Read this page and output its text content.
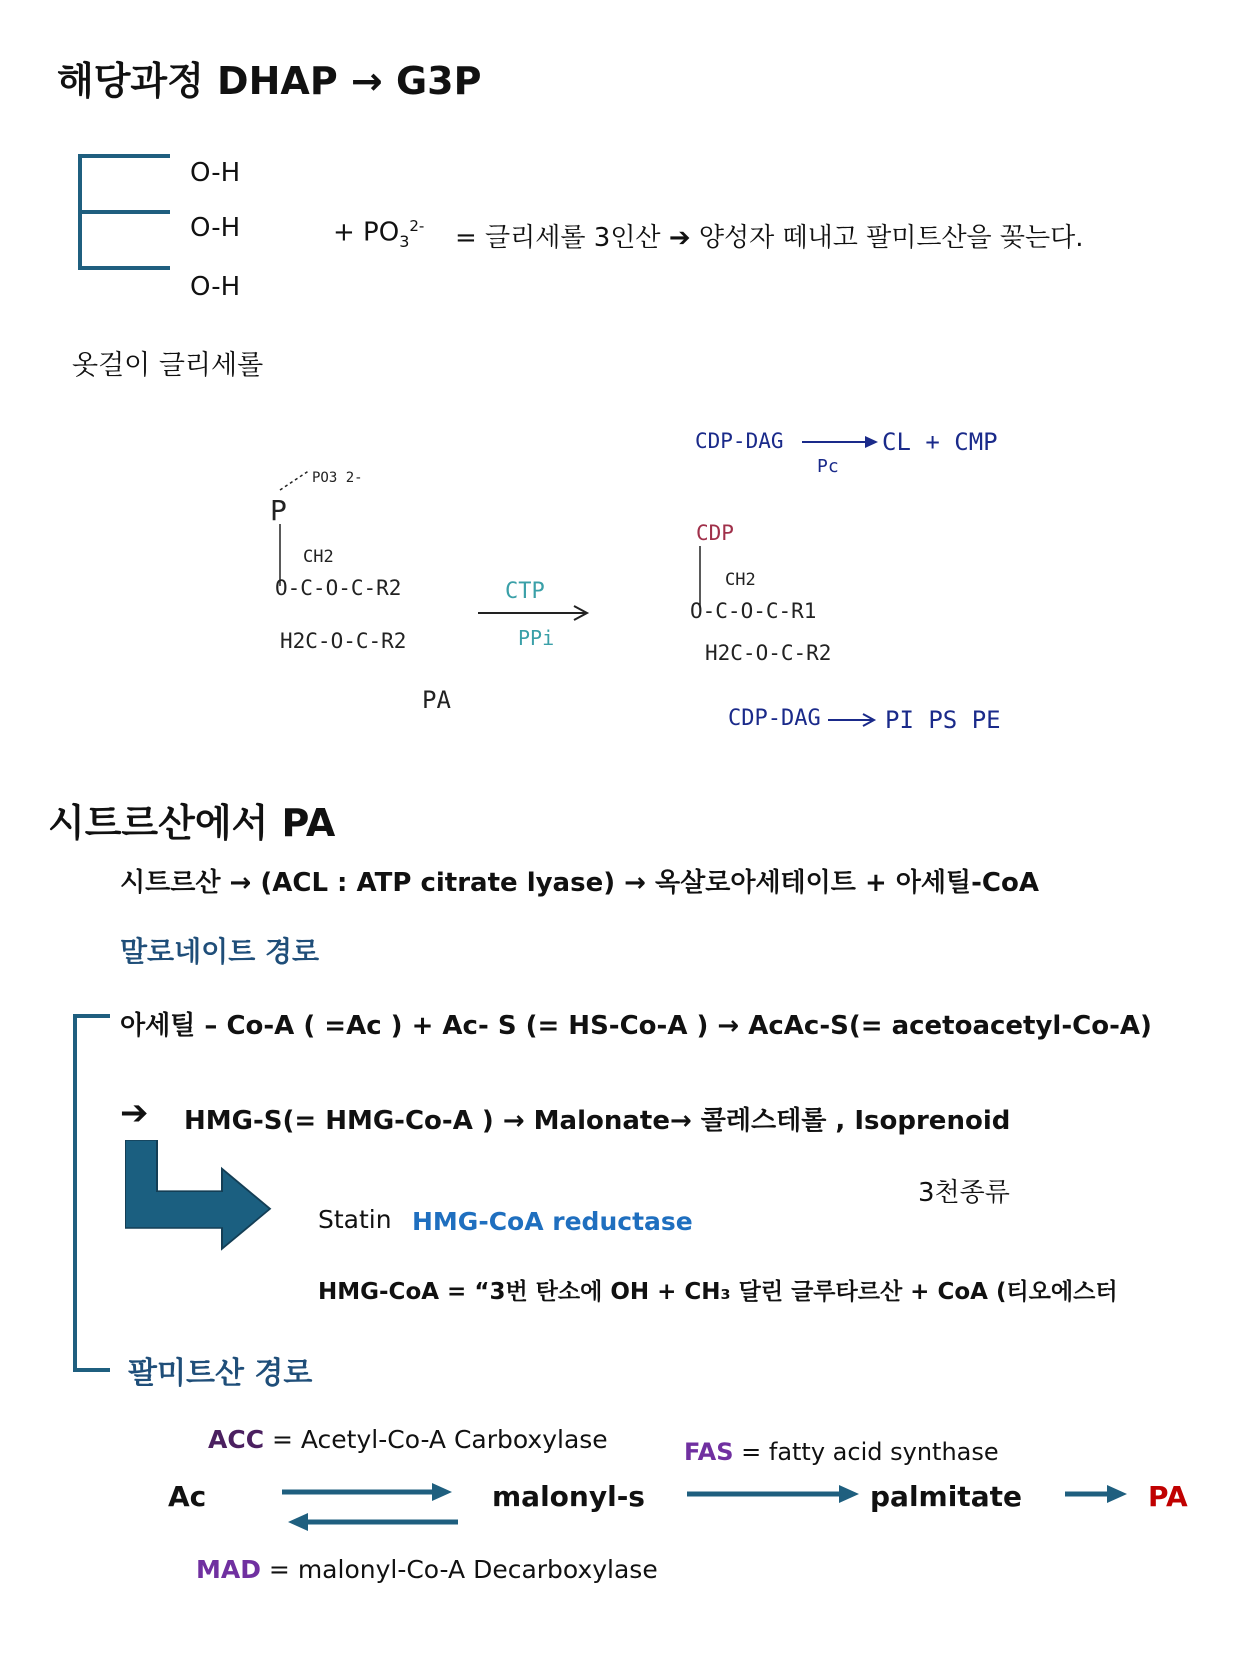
해당과정 DHAP → G3P
O-H
O-H
O-H
+ $PO_3^{2-}$ = 글리세롤 3인산 ➔ 양성자 떼내고 팔미트산을 꽂는다.
옷걸이 글리세롤
CDP-DAG
Pc
CL + CMP
P
PO3 2-
CH2
O-C-O-C-R2
H2C-O-C-R2
PA
CTP
PPi
CDP
CH2
O-C-O-C-R1
H2C-O-C-R2
CDP-DAG	PI PS PE
시트르산에서 PA
시트르산 → (ACL : ATP citrate lyase) → 옥살로아세테이트 + 아세틸-CoA
말로네이트 경로
아세틸 – Co-A ( =Ac ) + Ac- S (= HS-Co-A ) → AcAc-S(= acetoacetyl-Co-A)
➔ HMG-S(= HMG-Co-A ) → Malonate→ 콜레스테롤 , Isoprenoid
3천종류
Statin HMG-CoA reductase
HMG-CoA = “3번 탄소에 OH + CH₃ 달린 글루타르산 + CoA (티오에스터
팔미트산 경로
ACC = Acetyl-Co-A Carboxylase	FAS = fatty acid synthase
Ac	malonyl-s	palmitate	PA
MAD = malonyl-Co-A Decarboxylase
